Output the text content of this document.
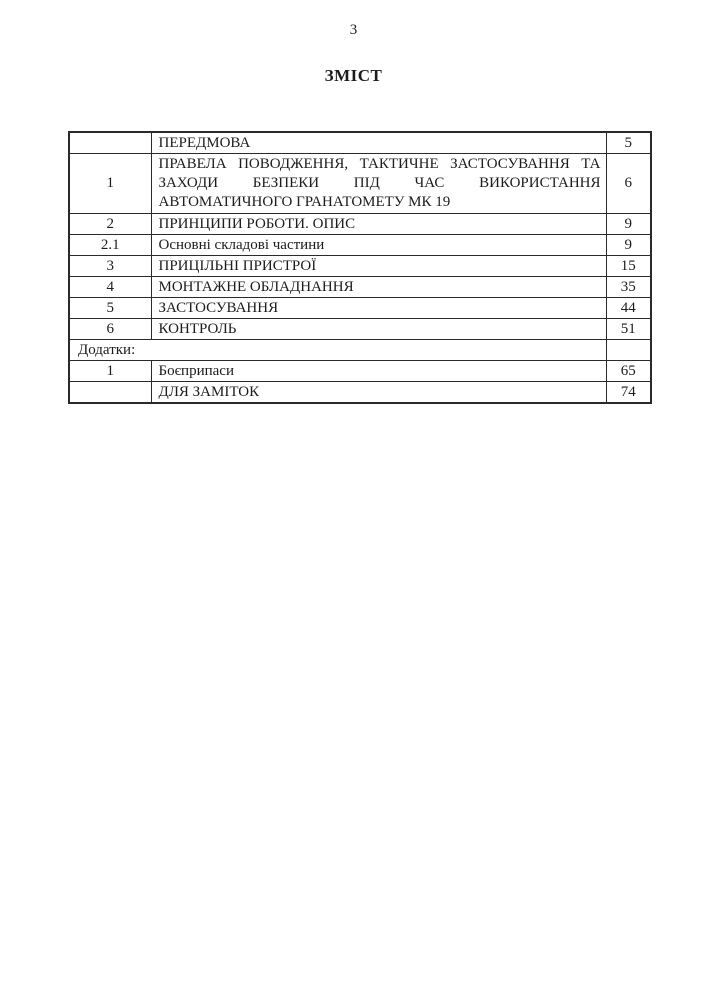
3
ЗМІСТ
	ПЕРЕДМОВА	5
1	ПРАВЕЛА ПОВОДЖЕННЯ, ТАКТИЧНЕ ЗАСТОСУВАННЯ ТА ЗАХОДИ БЕЗПЕКИ ПІД ЧАС ВИКОРИСТАННЯ АВТОМАТИЧНОГО ГРАНАТОМЕТУ МК 19	6
2	ПРИНЦИПИ РОБОТИ. ОПИС	9
2.1	Основні складові частини	9
3	ПРИЦІЛЬНІ ПРИСТРОЇ	15
4	МОНТАЖНЕ ОБЛАДНАННЯ	35
5	ЗАСТОСУВАННЯ	44
6	КОНТРОЛЬ	51
Додатки:		
1	Боєприпаси	65
	ДЛЯ ЗАМІТОК	74
